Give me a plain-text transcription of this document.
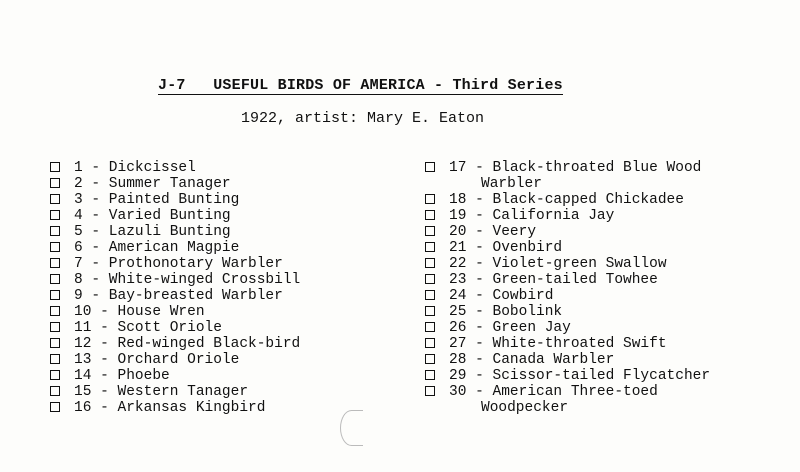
J-7   USEFUL BIRDS OF AMERICA - Third Series
1922, artist: Mary E. Eaton
1 - Dickcissel
2 - Summer Tanager
3 - Painted Bunting
4 - Varied Bunting
5 - Lazuli Bunting
6 - American Magpie
7 - Prothonotary Warbler
8 - White-winged Crossbill
9 - Bay-breasted Warbler
10 - House Wren
11 - Scott Oriole
12 - Red-winged Black-bird
13 - Orchard Oriole
14 - Phoebe
15 - Western Tanager
16 - Arkansas Kingbird
17 - Black-throated Blue Wood
Warbler
18 - Black-capped Chickadee
19 - California Jay
20 - Veery
21 - Ovenbird
22 - Violet-green Swallow
23 - Green-tailed Towhee
24 - Cowbird
25 - Bobolink
26 - Green Jay
27 - White-throated Swift
28 - Canada Warbler
29 - Scissor-tailed Flycatcher
30 - American Three-toed
Woodpecker
